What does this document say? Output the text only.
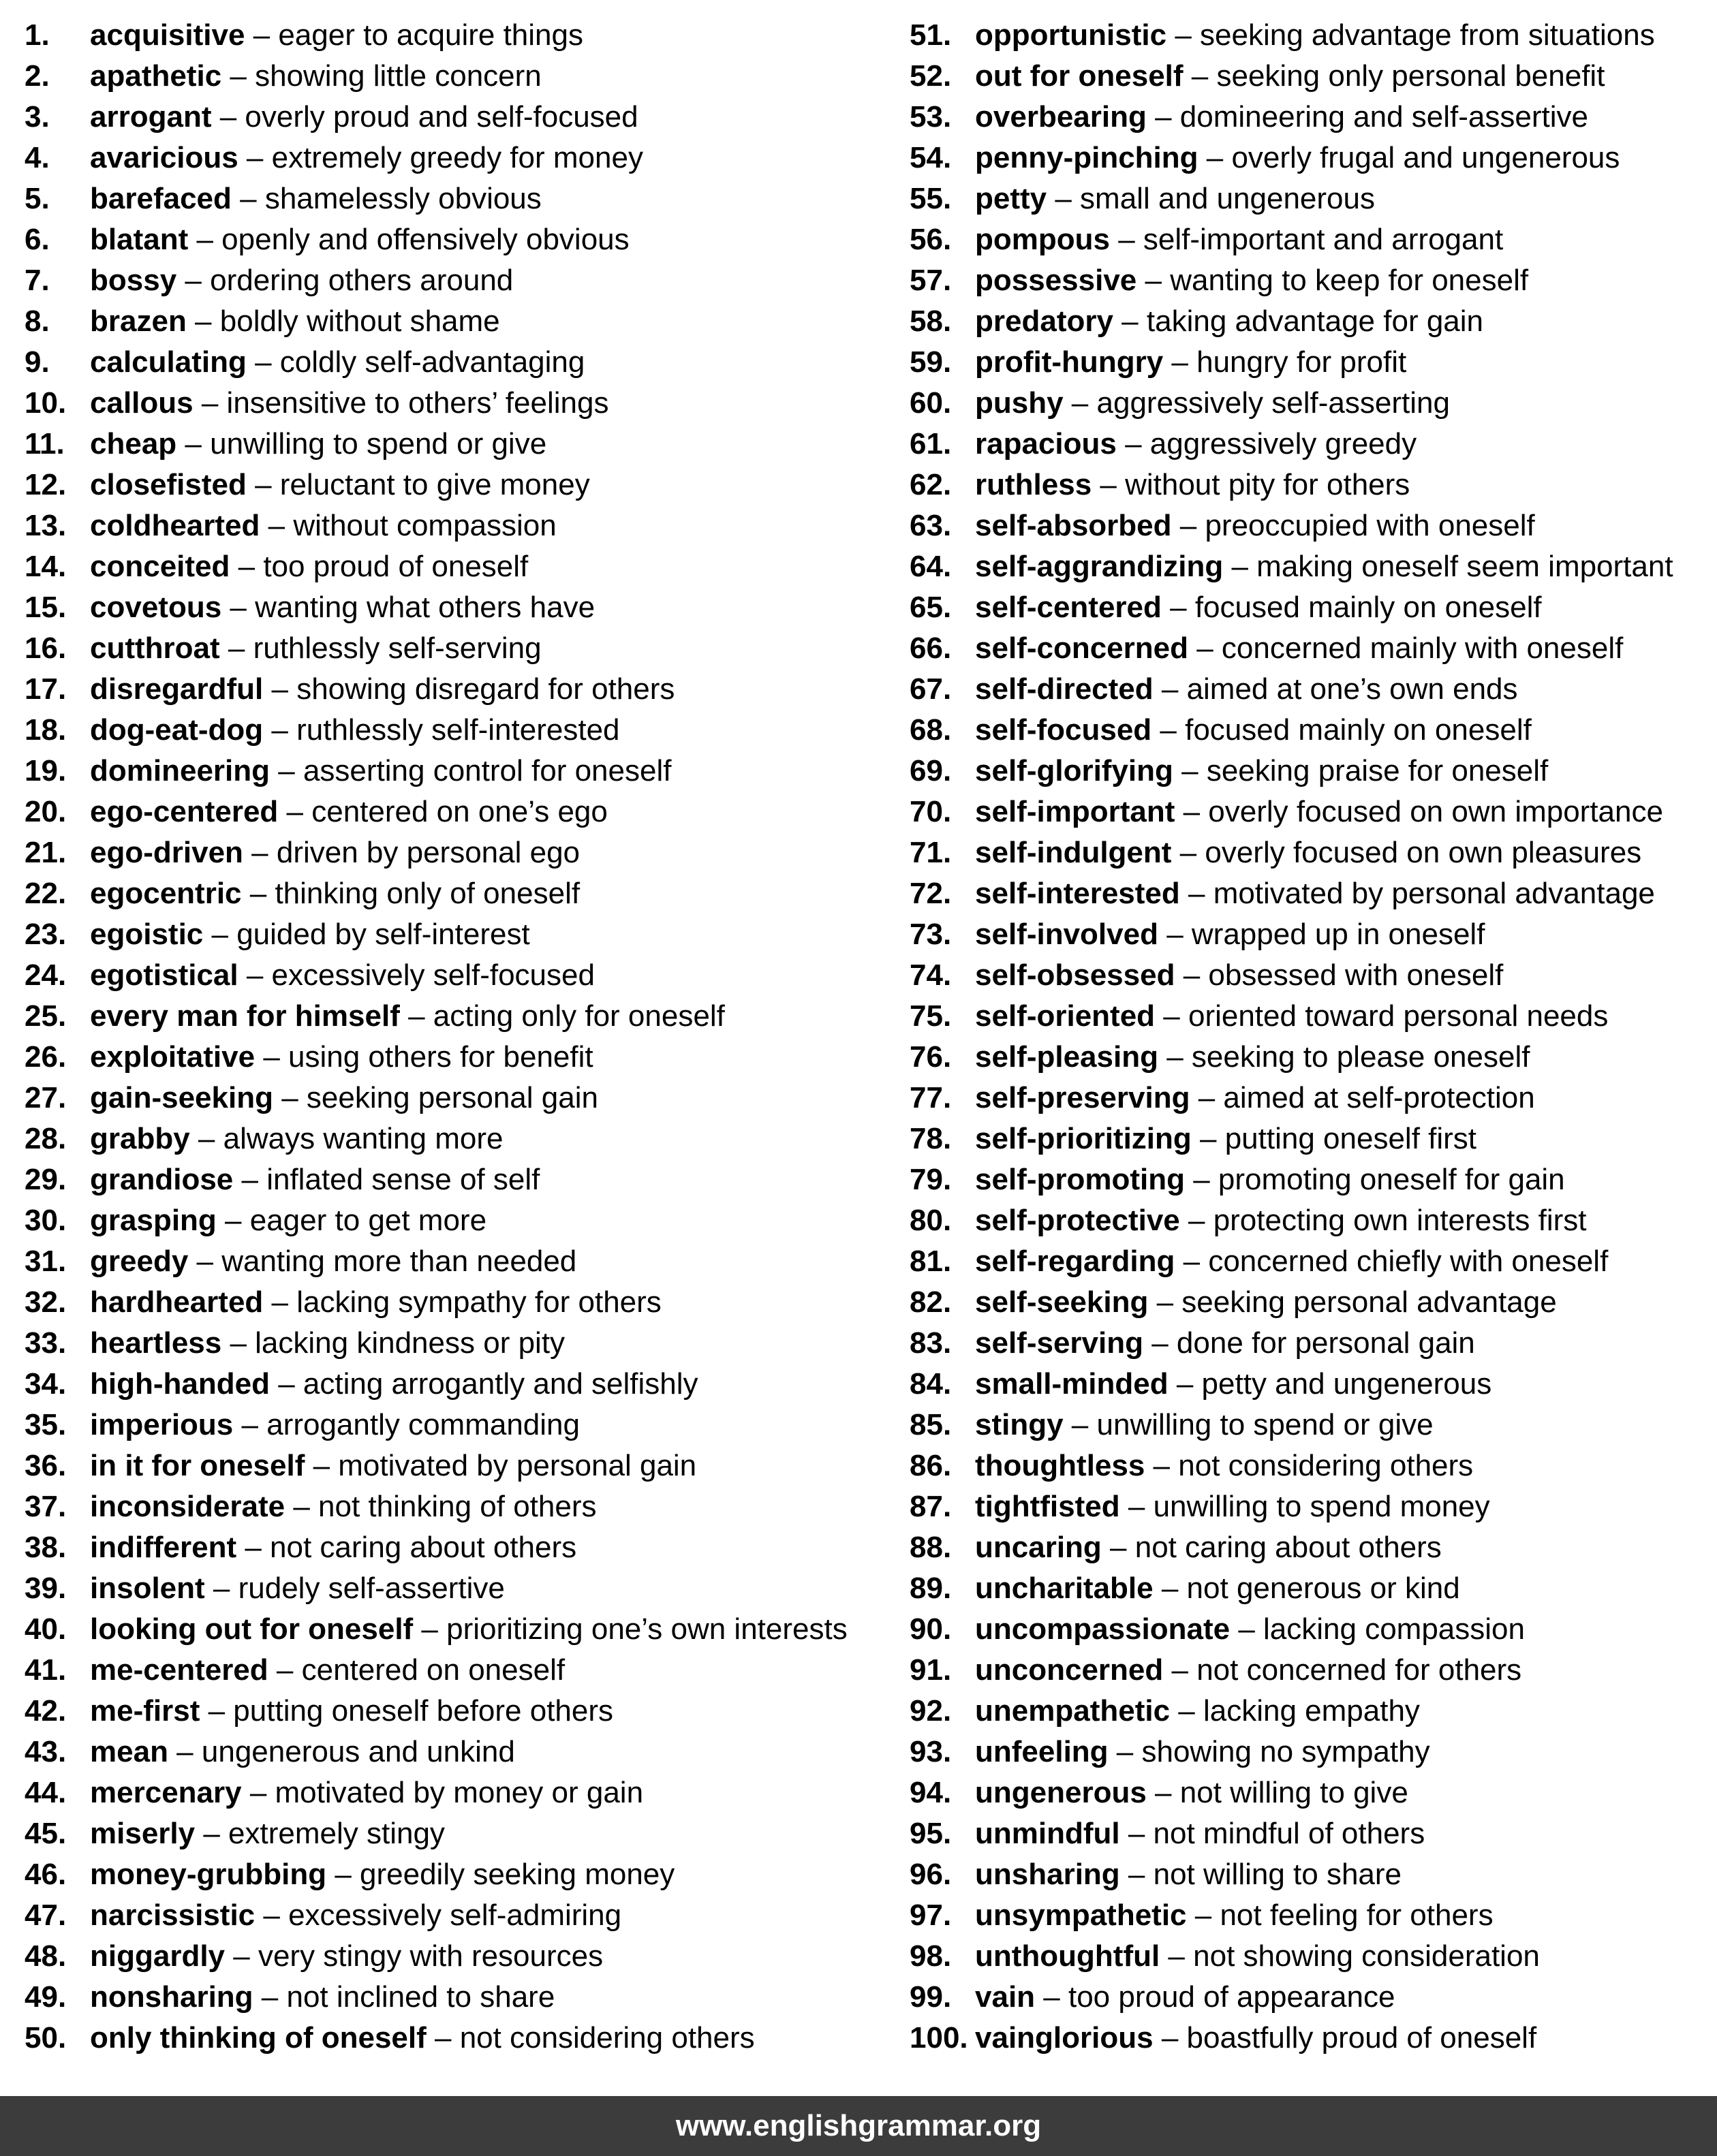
1.	acquisitive – eager to acquire things
2.	apathetic – showing little concern
3.	arrogant – overly proud and self-focused
4.	avaricious – extremely greedy for money
5.	barefaced – shamelessly obvious
6.	blatant – openly and offensively obvious
7.	bossy – ordering others around
8.	brazen – boldly without shame
9.	calculating – coldly self-advantaging
10. callous – insensitive to others’ feelings
11. cheap – unwilling to spend or give
12. closefisted – reluctant to give money
13. coldhearted – without compassion
14. conceited – too proud of oneself
15. covetous – wanting what others have
16. cutthroat – ruthlessly self-serving
17. disregardful – showing disregard for others
18. dog-eat-dog – ruthlessly self-interested
19. domineering – asserting control for oneself
20. ego-centered – centered on one’s ego
21. ego-driven – driven by personal ego
22. egocentric – thinking only of oneself
23. egoistic – guided by self-interest
24. egotistical – excessively self-focused
25. every man for himself – acting only for oneself
26. exploitative – using others for benefit
27. gain-seeking – seeking personal gain
28. grabby – always wanting more
29. grandiose – inflated sense of self
30. grasping – eager to get more
31. greedy – wanting more than needed
32. hardhearted – lacking sympathy for others
33. heartless – lacking kindness or pity
34. high-handed – acting arrogantly and selfishly
35. imperious – arrogantly commanding
36. in it for oneself – motivated by personal gain
37. inconsiderate – not thinking of others
38. indifferent – not caring about others
39. insolent – rudely self-assertive
40. looking out for oneself – prioritizing one’s own interests
41. me-centered – centered on oneself
42. me-first – putting oneself before others
43. mean – ungenerous and unkind
44. mercenary – motivated by money or gain
45. miserly – extremely stingy
46. money-grubbing – greedily seeking money
47. narcissistic – excessively self-admiring
48. niggardly – very stingy with resources
49. nonsharing – not inclined to share
50. only thinking of oneself – not considering others
51. opportunistic – seeking advantage from situations
52. out for oneself – seeking only personal benefit
53. overbearing – domineering and self-assertive
54. penny-pinching – overly frugal and ungenerous
55. petty – small and ungenerous
56. pompous – self-important and arrogant
57. possessive – wanting to keep for oneself
58. predatory – taking advantage for gain
59. profit-hungry – hungry for profit
60. pushy – aggressively self-asserting
61. rapacious – aggressively greedy
62. ruthless – without pity for others
63. self-absorbed – preoccupied with oneself
64. self-aggrandizing – making oneself seem important
65. self-centered – focused mainly on oneself
66. self-concerned – concerned mainly with oneself
67. self-directed – aimed at one’s own ends
68. self-focused – focused mainly on oneself
69. self-glorifying – seeking praise for oneself
70. self-important – overly focused on own importance
71. self-indulgent – overly focused on own pleasures
72. self-interested – motivated by personal advantage
73. self-involved – wrapped up in oneself
74. self-obsessed – obsessed with oneself
75. self-oriented – oriented toward personal needs
76. self-pleasing – seeking to please oneself
77. self-preserving – aimed at self-protection
78. self-prioritizing – putting oneself first
79. self-promoting – promoting oneself for gain
80. self-protective – protecting own interests first
81. self-regarding – concerned chiefly with oneself
82. self-seeking – seeking personal advantage
83. self-serving – done for personal gain
84. small-minded – petty and ungenerous
85. stingy – unwilling to spend or give
86. thoughtless – not considering others
87. tightfisted – unwilling to spend money
88. uncaring – not caring about others
89. uncharitable – not generous or kind
90. uncompassionate – lacking compassion
91. unconcerned – not concerned for others
92. unempathetic – lacking empathy
93. unfeeling – showing no sympathy
94. ungenerous – not willing to give
95. unmindful – not mindful of others
96. unsharing – not willing to share
97. unsympathetic – not feeling for others
98. unthoughtful – not showing consideration
99. vain – too proud of appearance
100. vainglorious – boastfully proud of oneself
www.englishgrammar.org
